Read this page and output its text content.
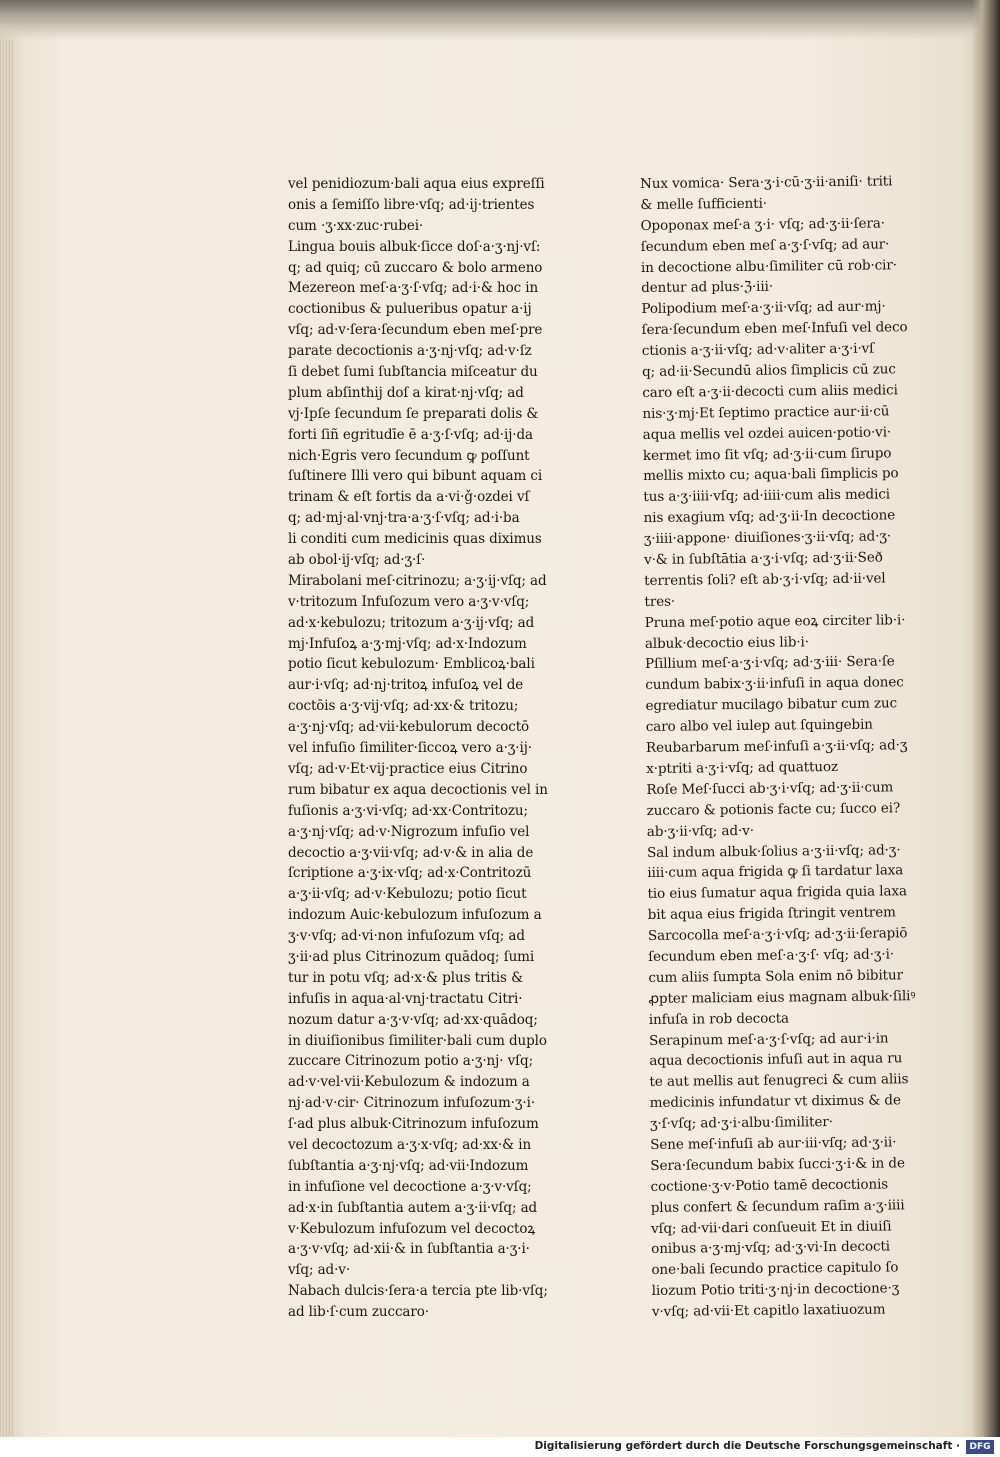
vel penidiozum·bali aqua eius expreſſi
onis a ſemiſſo libre·vſq; ad·ij·trientes
cum ·ʒ·xx·zuc·rubei·
Lingua bouis albuk·ſicce doſ·a·ʒ·nj·vſ:
q; ad quiq; cū zuccaro & bolo armeno
Mezereon meſ·a·ʒ·ſ·vſq; ad·i·& hoc in
coctionibus & pulueribus opatur a·ij
vſq; ad·v·ſera·ſecundum eben meſ·pre
parate decoctionis a·ʒ·nj·vſq; ad·v·ſz
ſi debet ſumi ſubſtancia miſceatur du
plum abſinthij doſ a kirat·nj·vſq; ad
vj·Ipſe ſecundum ſe preparati dolis &
forti ſiñ egritudīe ē a·ʒ·ſ·vſq; ad·ij·da
nich·Egris vero ſecundum ꝙ poſſunt
ſuſtinere Illi vero qui bibunt aquam ci
trinam & eſt fortis da a·vi·ǧ·ozdei vſ
q; ad·mj·al·vnj·tra·a·ʒ·ſ·vſq; ad·i·ba
li conditi cum medicinis quas diximus
ab obol·ij·vſq; ad·ʒ·ſ·
Mirabolani meſ·citrinozu; a·ʒ·ij·vſq; ad
v·tritozum Infuſozum vero a·ʒ·v·vſq;
ad·x·kebulozu; tritozum a·ʒ·ij·vſq; ad
mj·Infuſoꝝ a·ʒ·mj·vſq; ad·x·Indozum
potio ſicut kebulozum· Emblicoꝝ·bali
aur·i·vſq; ad·nj·tritoꝝ infuſoꝝ vel de
coctōis a·ʒ·vij·vſq; ad·xx·& tritozu;
a·ʒ·nj·vſq; ad·vii·kebulorum decoctō
vel infuſio ſimiliter·ſiccoꝝ vero a·ʒ·ij·
vſq; ad·v·Et·vij·practice eius Citrino
rum bibatur ex aqua decoctionis vel in
fuſionis a·ʒ·vi·vſq; ad·xx·Contritozu;
a·ʒ·nj·vſq; ad·v·Nigrozum infuſio vel
decoctio a·ʒ·vii·vſq; ad·v·& in alia de
ſcriptione a·ʒ·ix·vſq; ad·x·Contritozū
a·ʒ·ii·vſq; ad·v·Kebulozu; potio ſicut
indozum Auic·kebulozum infuſozum a
ʒ·v·vſq; ad·vi·non infuſozum vſq; ad
ʒ·ii·ad plus Citrinozum quādoq; ſumi
tur in potu vſq; ad·x·& plus tritis &
infuſis in aqua·al·vnj·tractatu Citri·
nozum datur a·ʒ·v·vſq; ad·xx·quādoq;
in diuiſionibus ſimiliter·bali cum duplo
zuccare Citrinozum potio a·ʒ·nj· vſq;
ad·v·vel·vii·Kebulozum & indozum a
nj·ad·v·cir· Citrinozum infuſozum·ʒ·i·
ſ·ad plus albuk·Citrinozum infuſozum
vel decoctozum a·ʒ·x·vſq; ad·xx·& in
ſubſtantia a·ʒ·nj·vſq; ad·vii·Indozum
in infuſione vel decoctione a·ʒ·v·vſq;
ad·x·in ſubſtantia autem a·ʒ·ii·vſq; ad
v·Kebulozum infuſozum vel decoctoꝝ
a·ʒ·v·vſq; ad·xii·& in ſubſtantia a·ʒ·i·
vſq; ad·v·
Nabach dulcis·ſera·a tercia pte lib·vſq;
ad lib·ſ·cum zuccaro·
Nux vomica· Sera·ʒ·i·cū·ʒ·ii·aniſi· triti
& melle ſufficienti·
Opoponax meſ·a ʒ·i· vſq; ad·ʒ·ii·ſera·
ſecundum eben meſ a·ʒ·ſ·vſq; ad aur·
in decoctione albu·ſimiliter cū rob·cir·
dentur ad plus·ℨ·iii·
Polipodium meſ·a·ʒ·ii·vſq; ad aur·mj·
ſera·ſecundum eben meſ·Infuſi vel deco
ctionis a·ʒ·ii·vſq; ad·v·aliter a·ʒ·i·vſ
q; ad·ii·Secundū alios ſimplicis cū zuc
caro eſt a·ʒ·ii·decocti cum aliis medici
nis·ʒ·mj·Et ſeptimo practice aur·ii·cū
aqua mellis vel ozdei auicen·potio·vi·
kermet imo ſit vſq; ad·ʒ·ii·cum ſirupo
mellis mixto cu; aqua·bali ſimplicis po
tus a·ʒ·iiii·vſq; ad·iiii·cum alis medici
nis exagium vſq; ad·ʒ·ii·In decoctione
ʒ·iiii·appone· diuiſiones·ʒ·ii·vſq; ad·ʒ·
v·& in ſubſtātia a·ʒ·i·vſq; ad·ʒ·ii·Seð
terrentis ſoli? eſt ab·ʒ·i·vſq; ad·ii·vel
tres·
Pruna meſ·potio aque eoꝝ circiter lib·i·
albuk·decoctio eius lib·i·
Pſillium meſ·a·ʒ·i·vſq; ad·ʒ·iii· Sera·ſe
cundum babix·ʒ·ii·infuſi in aqua donec
egrediatur mucilago bibatur cum zuc
caro albo vel iulep aut ſquingebin
Reubarbarum meſ·infuſi a·ʒ·ii·vſq; ad·ʒ
x·ptriti a·ʒ·i·vſq; ad quattuoz
Roſe Meſ·ſucci ab·ʒ·i·vſq; ad·ʒ·ii·cum
zuccaro & potionis facte cu; ſucco ei?
ab·ʒ·ii·vſq; ad·v·
Sal indum albuk·ſolius a·ʒ·ii·vſq; ad·ʒ·
iiii·cum aqua frigida ꝙ ſi tardatur laxa
tio eius ſumatur aqua frigida quia laxa
bit aqua eius frigida ſtringit ventrem
Sarcocolla meſ·a·ʒ·i·vſq; ad·ʒ·ii·ſerapiō
ſecundum eben meſ·a·ʒ·ſ· vſq; ad·ʒ·i·
cum aliis ſumpta Sola enim nō bibitur
ꝓpter maliciam eius magnam albuk·ſiliꝰ
infuſa in rob decocta
Serapinum meſ·a·ʒ·ſ·vſq; ad aur·i·in
aqua decoctionis infuſi aut in aqua ru
te aut mellis aut fenugreci & cum aliis
medicinis infundatur vt diximus & de
ʒ·ſ·vſq; ad·ʒ·i·albu·ſimiliter·
Sene meſ·infuſi ab aur·iii·vſq; ad·ʒ·ii·
Sera·ſecundum babix ſucci·ʒ·i·& in de
coctione·ʒ·v·Potio tamē decoctionis
plus confert & ſecundum raſim a·ʒ·iiii
vſq; ad·vii·dari conſueuit Et in diuiſi
onibus a·ʒ·mj·vſq; ad·ʒ·vi·In decocti
one·bali ſecundo practice capitulo ſo
liozum Potio triti·ʒ·nj·in decoctione·ʒ
v·vſq; ad·vii·Et capitlo laxatiuozum
Digitalisierung gefördert durch die Deutsche Forschungsgemeinschaft ·	DFG
